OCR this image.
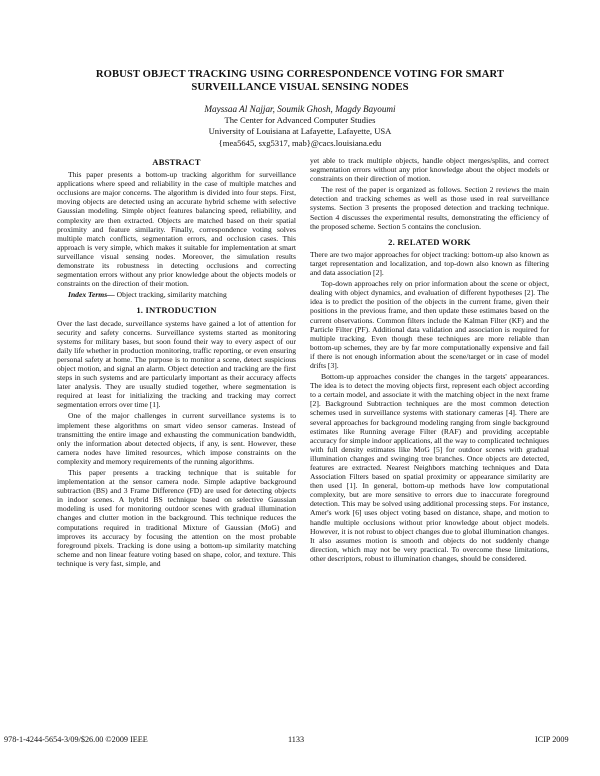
ROBUST OBJECT TRACKING USING CORRESPONDENCE VOTING FOR SMART SURVEILLANCE VISUAL SENSING NODES
Mayssaa Al Najjar, Soumik Ghosh, Magdy Bayoumi
The Center for Advanced Computer Studies
University of Louisiana at Lafayette, Lafayette, USA
{mea5645, sxg5317, mab}@cacs.louisiana.edu
ABSTRACT

This paper presents a bottom-up tracking algorithm for surveillance applications where speed and reliability in the case of multiple matches and occlusions are major concerns. The algorithm is divided into four steps. First, moving objects are detected using an accurate hybrid scheme with selective Gaussian modeling. Simple object features balancing speed, reliability, and complexity are then extracted. Objects are matched based on their spatial proximity and feature similarity. Finally, correspondence voting solves multiple match conflicts, segmentation errors, and occlusion cases. This approach is very simple, which makes it suitable for implementation at smart surveillance visual sensing nodes. Moreover, the simulation results demonstrate its robustness in detecting occlusions and correcting segmentation errors without any prior knowledge about the objects models or constraints on the direction of their motion.

Index Terms— Object tracking, similarity matching
1. INTRODUCTION

Over the last decade, surveillance systems have gained a lot of attention for security and safety concerns. Surveillance systems started as monitoring systems for military bases, but soon found their way to every aspect of our daily life whether in production monitoring, traffic reporting, or even ensuring personal safety at home. The purpose is to monitor a scene, detect suspicious object motion, and signal an alarm. Object detection and tracking are the first steps in such systems and are particularly important as their accuracy affects later analysis. They are usually studied together, where segmentation is required at least for initializing the tracking and tracking may correct segmentation errors over time [1].

One of the major challenges in current surveillance systems is to implement these algorithms on smart video sensor cameras. Instead of transmitting the entire image and exhausting the communication bandwidth, only the information about detected objects, if any, is sent. However, these camera nodes have limited resources, which impose constraints on the complexity and memory requirements of the running algorithms.

This paper presents a tracking technique that is suitable for implementation at the sensor camera node. Simple adaptive background subtraction (BS) and 3 Frame Difference (FD) are used for detecting objects in indoor scenes. A hybrid BS technique based on selective Gaussian modeling is used for monitoring outdoor scenes with gradual illumination changes and clutter motion in the background. This technique reduces the computations required in traditional Mixture of Gaussian (MoG) and improves its accuracy by focusing the attention on the most probable foreground pixels. Tracking is done using a bottom-up similarity matching scheme and non linear feature voting based on shape, color, and texture. This technique is very fast, simple, and

yet able to track multiple objects, handle object merges/splits, and correct segmentation errors without any prior knowledge about the object models or constraints on their direction of motion.

The rest of the paper is organized as follows. Section 2 reviews the main detection and tracking schemes as well as those used in real surveillance systems. Section 3 presents the proposed detection and tracking technique. Section 4 discusses the experimental results, demonstrating the efficiency of the proposed scheme. Section 5 contains the conclusion.

2. RELATED WORK

There are two major approaches for object tracking: bottom-up also known as target representation and localization, and top-down also known as filtering and data association [2].

Top-down approaches rely on prior information about the scene or object, dealing with object dynamics, and evaluation of different hypotheses [2]. The idea is to predict the position of the objects in the current frame, given their positions in the previous frame, and then update these estimates based on the current observations. Common filters include the Kalman Filter (KF) and the Particle Filter (PF). Additional data validation and association is required for multiple tracking. Even though these techniques are more reliable than bottom-up schemes, they are by far more computationally expensive and fail if there is not enough information about the scene/target or in case of model drifts [3].

Bottom-up approaches consider the changes in the targets' appearances. The idea is to detect the moving objects first, represent each object according to a certain model, and associate it with the matching object in the next frame [2]. Background Subtraction techniques are the most common detection schemes used in surveillance systems with stationary cameras [4]. There are several approaches for background modeling ranging from single background estimates like Running average Filter (RAF) and providing acceptable accuracy for simple indoor applications, all the way to complicated techniques with full density estimates like MoG [5] for outdoor scenes with gradual illumination changes and swinging tree branches. Once objects are detected, features are extracted. Nearest Neighbors matching techniques and Data Association Filters based on spatial proximity or appearance similarity are then used [1]. In general, bottom-up methods have low computational complexity, but are more sensitive to errors due to inaccurate foreground detection. This may be solved using additional processing steps. For instance, Amer's work [6] uses object voting based on distance, shape, and motion to handle multiple occlusions without prior knowledge about object models. However, it is not robust to object changes due to global illumination changes. It also assumes motion is smooth and objects do not suddenly change direction, which may not be very practical. To overcome these limitations, other descriptors, robust to illumination changes, should be considered.

978-1-4244-5654-3/09/$26.00 ©2009 IEEE	1133	ICIP 2009
